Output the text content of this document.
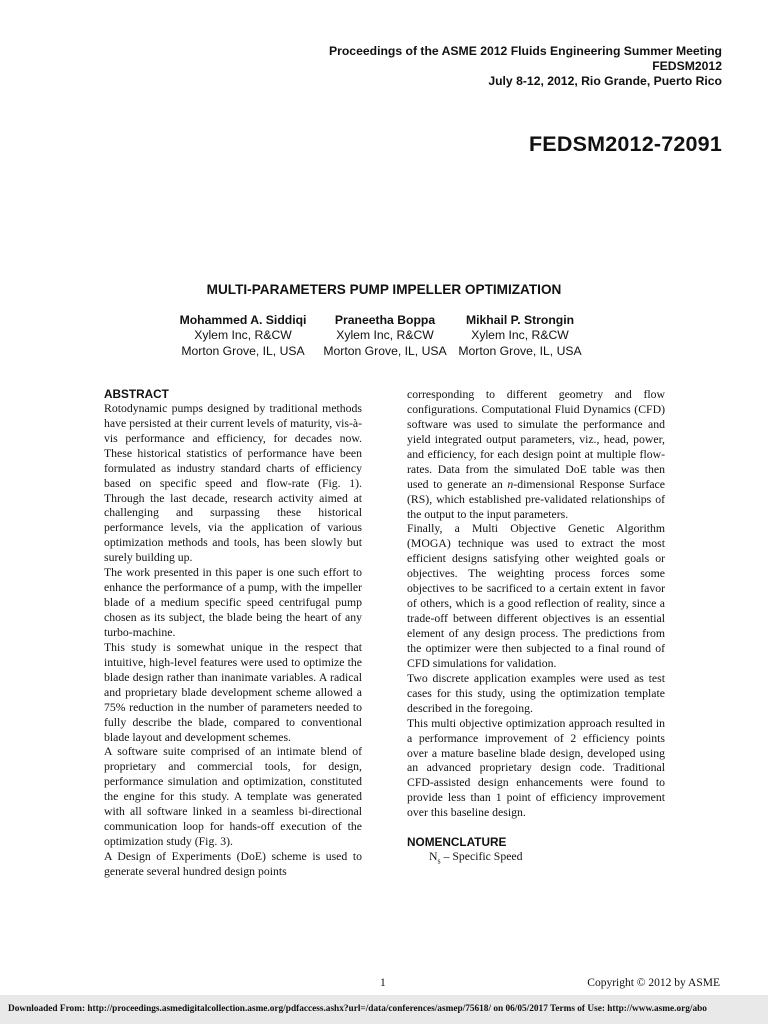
Proceedings of the ASME 2012 Fluids Engineering Summer Meeting
FEDSM2012
July 8-12, 2012, Rio Grande, Puerto Rico
FEDSM2012-72091
MULTI-PARAMETERS PUMP IMPELLER OPTIMIZATION
Mohammed A. Siddiqi
Xylem Inc, R&CW
Morton Grove, IL, USA
Praneetha Boppa
Xylem Inc, R&CW
Morton Grove, IL, USA
Mikhail P. Strongin
Xylem Inc, R&CW
Morton Grove, IL, USA
ABSTRACT

Rotodynamic pumps designed by traditional methods have persisted at their current levels of maturity, vis-à-vis performance and efficiency, for decades now. These historical statistics of performance have been formulated as industry standard charts of efficiency based on specific speed and flow-rate (Fig. 1). Through the last decade, research activity aimed at challenging and surpassing these historical performance levels, via the application of various optimization methods and tools, has been slowly but surely building up.

The work presented in this paper is one such effort to enhance the performance of a pump, with the impeller blade of a medium specific speed centrifugal pump chosen as its subject, the blade being the heart of any turbo-machine.

This study is somewhat unique in the respect that intuitive, high-level features were used to optimize the blade design rather than inanimate variables. A radical and proprietary blade development scheme allowed a 75% reduction in the number of parameters needed to fully describe the blade, compared to conventional blade layout and development schemes.

A software suite comprised of an intimate blend of proprietary and commercial tools, for design, performance simulation and optimization, constituted the engine for this study. A template was generated with all software linked in a seamless bi-directional communication loop for hands-off execution of the optimization study (Fig. 3).

A Design of Experiments (DoE) scheme is used to generate several hundred design points

corresponding to different geometry and flow configurations. Computational Fluid Dynamics (CFD) software was used to simulate the performance and yield integrated output parameters, viz., head, power, and efficiency, for each design point at multiple flow-rates. Data from the simulated DoE table was then used to generate an n-dimensional Response Surface (RS), which established pre-validated relationships of the output to the input parameters.

Finally, a Multi Objective Genetic Algorithm (MOGA) technique was used to extract the most efficient designs satisfying other weighted goals or objectives. The weighting process forces some objectives to be sacrificed to a certain extent in favor of others, which is a good reflection of reality, since a trade-off between different objectives is an essential element of any design process. The predictions from the optimizer were then subjected to a final round of CFD simulations for validation.

Two discrete application examples were used as test cases for this study, using the optimization template described in the foregoing.

This multi objective optimization approach resulted in a performance improvement of 2 efficiency points over a mature baseline blade design, developed using an advanced proprietary design code. Traditional CFD-assisted design enhancements were found to provide less than 1 point of efficiency improvement over this baseline design.

NOMENCLATURE
$N_s$ – Specific Speed
1	Copyright © 2012 by ASME
Downloaded From: http://proceedings.asmedigitalcollection.asme.org/pdfaccess.ashx?url=/data/conferences/asmep/75618/ on 06/05/2017 Terms of Use: http://www.asme.org/abo
